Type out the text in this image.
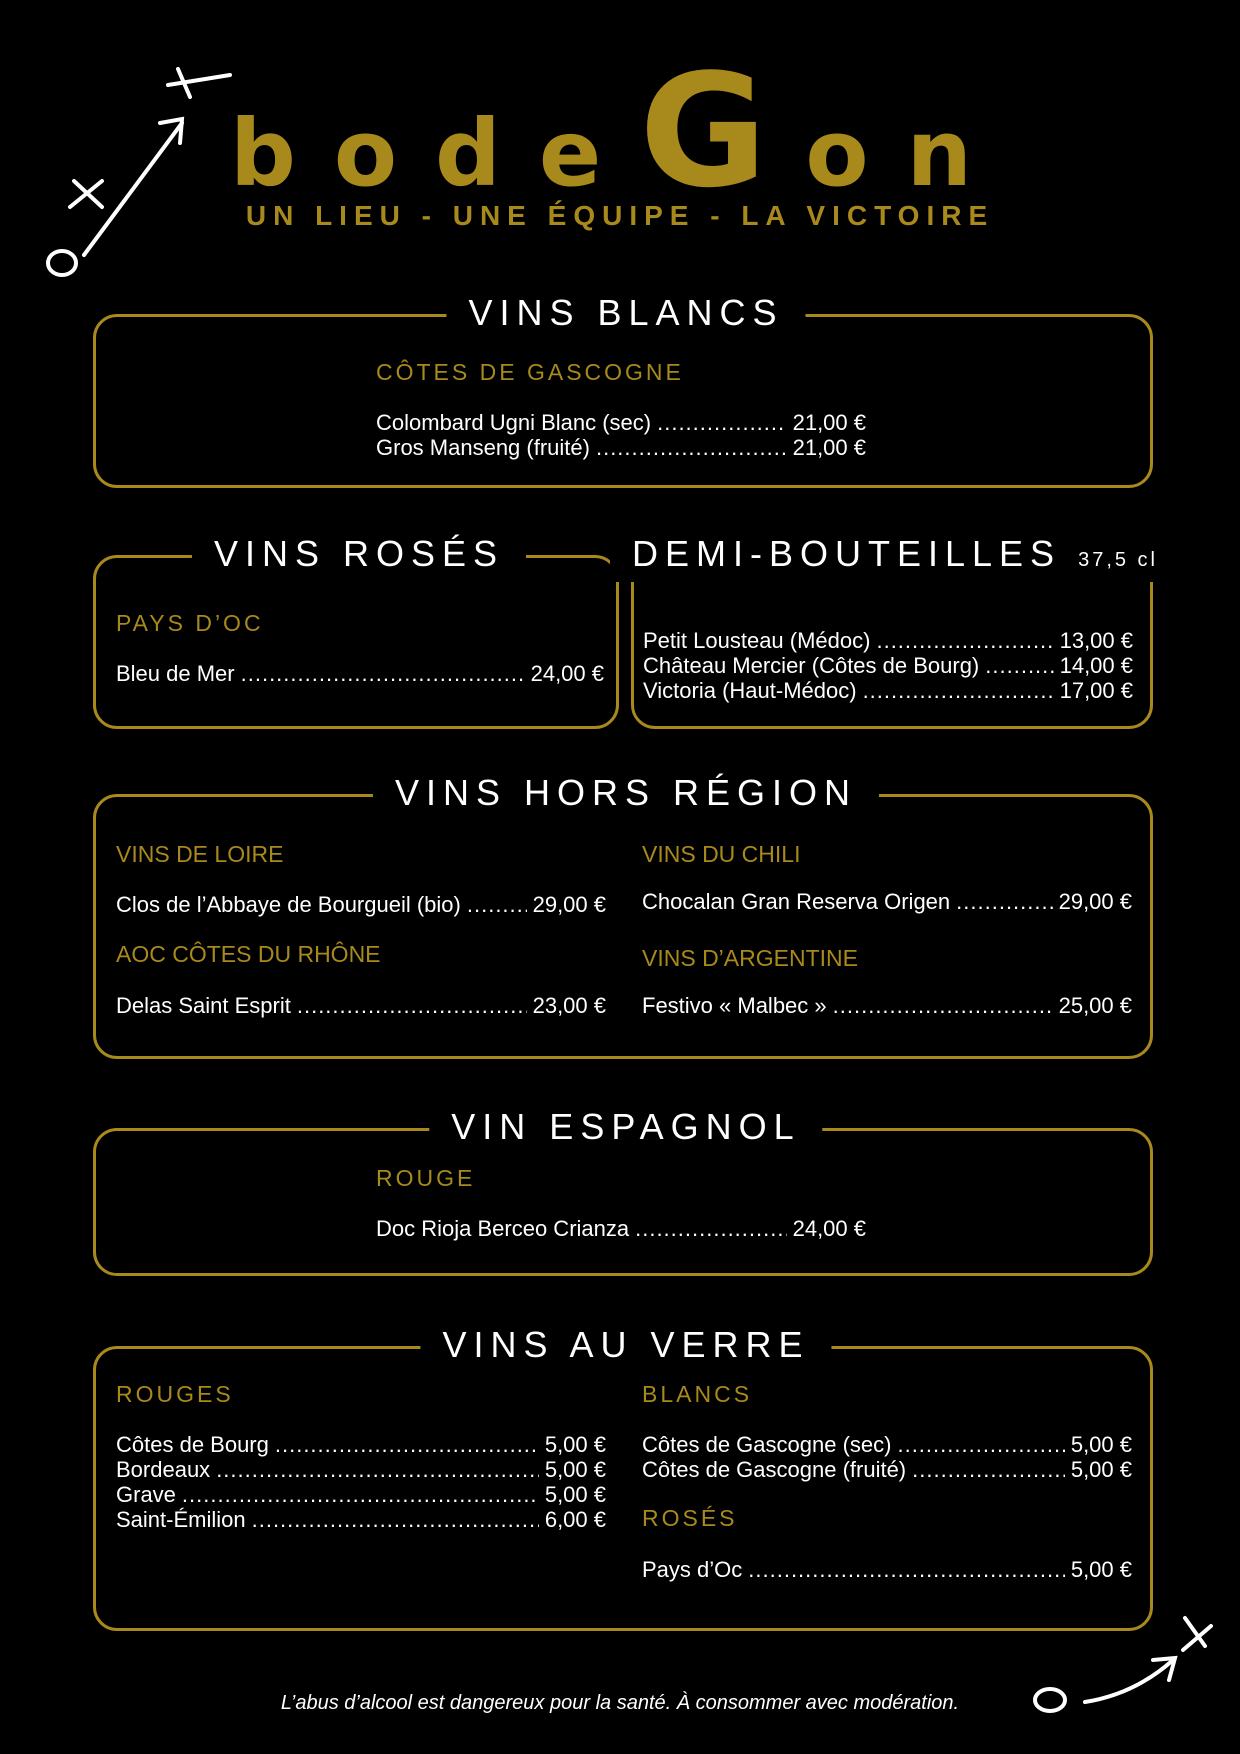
bodeGon
UN LIEU - UNE ÉQUIPE - LA VICTOIRE
VINS BLANCS
CÔTES DE GASCOGNE
Colombard Ugni Blanc (sec) .....	21,00 €
Gros Manseng (fruité) .....	21,00 €
VINS ROSÉS
PAYS D’OC
Bleu de Mer .....	24,00 €
DEMI-BOUTEILLES 37,5 cl
Petit Lousteau (Médoc) .....	13,00 €
Château Mercier (Côtes de Bourg) .....	14,00 €
Victoria (Haut-Médoc) .....	17,00 €
VINS HORS RÉGION
VINS DE LOIRE
Clos de l’Abbaye de Bourgueil (bio) .....	29,00 €
AOC CÔTES DU RHÔNE
Delas Saint Esprit .....	23,00 €
VINS DU CHILI
Chocalan Gran Reserva Origen .....	29,00 €
VINS D’ARGENTINE
Festivo « Malbec » .....	25,00 €
VIN ESPAGNOL
ROUGE
Doc Rioja Berceo Crianza .....	24,00 €
VINS AU VERRE
ROUGES
Côtes de Bourg .....	5,00 €
Bordeaux .....	5,00 €
Grave .....	5,00 €
Saint-Émilion .....	6,00 €
BLANCS
Côtes de Gascogne (sec) .....	5,00 €
Côtes de Gascogne (fruité) .....	5,00 €
ROSÉS
Pays d’Oc .....	5,00 €
L’abus d’alcool est dangereux pour la santé. À consommer avec modération.
